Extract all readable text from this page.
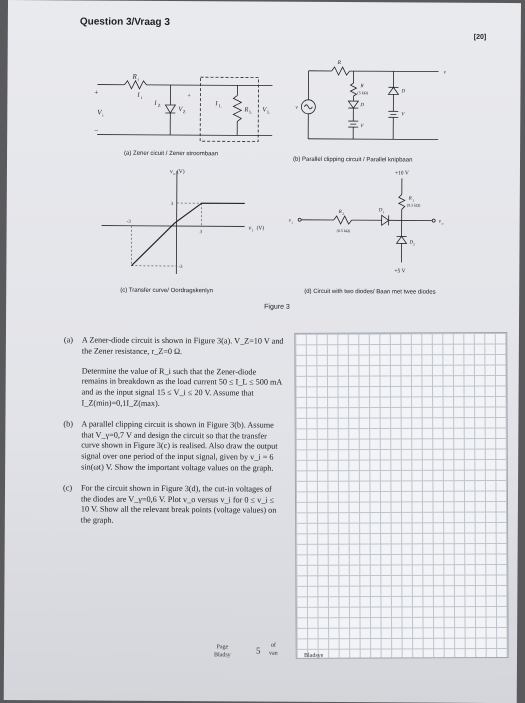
Question 3/Vraag 3
[20]
+
−
V i
R i
I i
I Z
V Z
+
I L
R L V L
(a) Zener cicuit / Zener stroombaan
R
R
(5 kΩ)
D
V
D
V
v
v
(b) Parallel clipping circuit / Parallel knipbaan
v o (V)
v i (V)
3
-3
3
-3
(c) Transfer curve/ Oordragskenlyn
+10 V
+5 V
R 1
(9.5 kΩ)
R 2
(0.5 kΩ)
D 1
D 2
v i	v o
(d) Circuit with two diodes/ Baan met twee diodes
Figure 3
(a) A Zener-diode circuit is shown in Figure 3(a). V_Z=10 V and the Zener resistance, r_Z=0 Ω.

Determine the value of R_i such that the Zener-diode remains in breakdown as the load current 50 ≤ I_L ≤ 500 mA and as the input signal 15 ≤ V_i ≤ 20 V. Assume that I_Z(min)=0,1I_Z(max).

(b) A parallel clipping circuit is shown in Figure 3(b). Assume that V_γ=0,7 V and design the circuit so that the transfer curve shown in Figure 3(c) is realised. Also draw the output signal over one period of the input signal, given by v_i = 6 sin(ωt) V. Show the important voltage values on the graph.

(c) For the circuit shown in Figure 3(d), the cut-in voltages of the diodes are V_γ=0,6 V. Plot v_o versus v_i for 0 ≤ v_i ≤ 10 V. Show all the relevant break points (voltage values) on the graph.

Page
Bladsy	5	of
van	Bladsye
